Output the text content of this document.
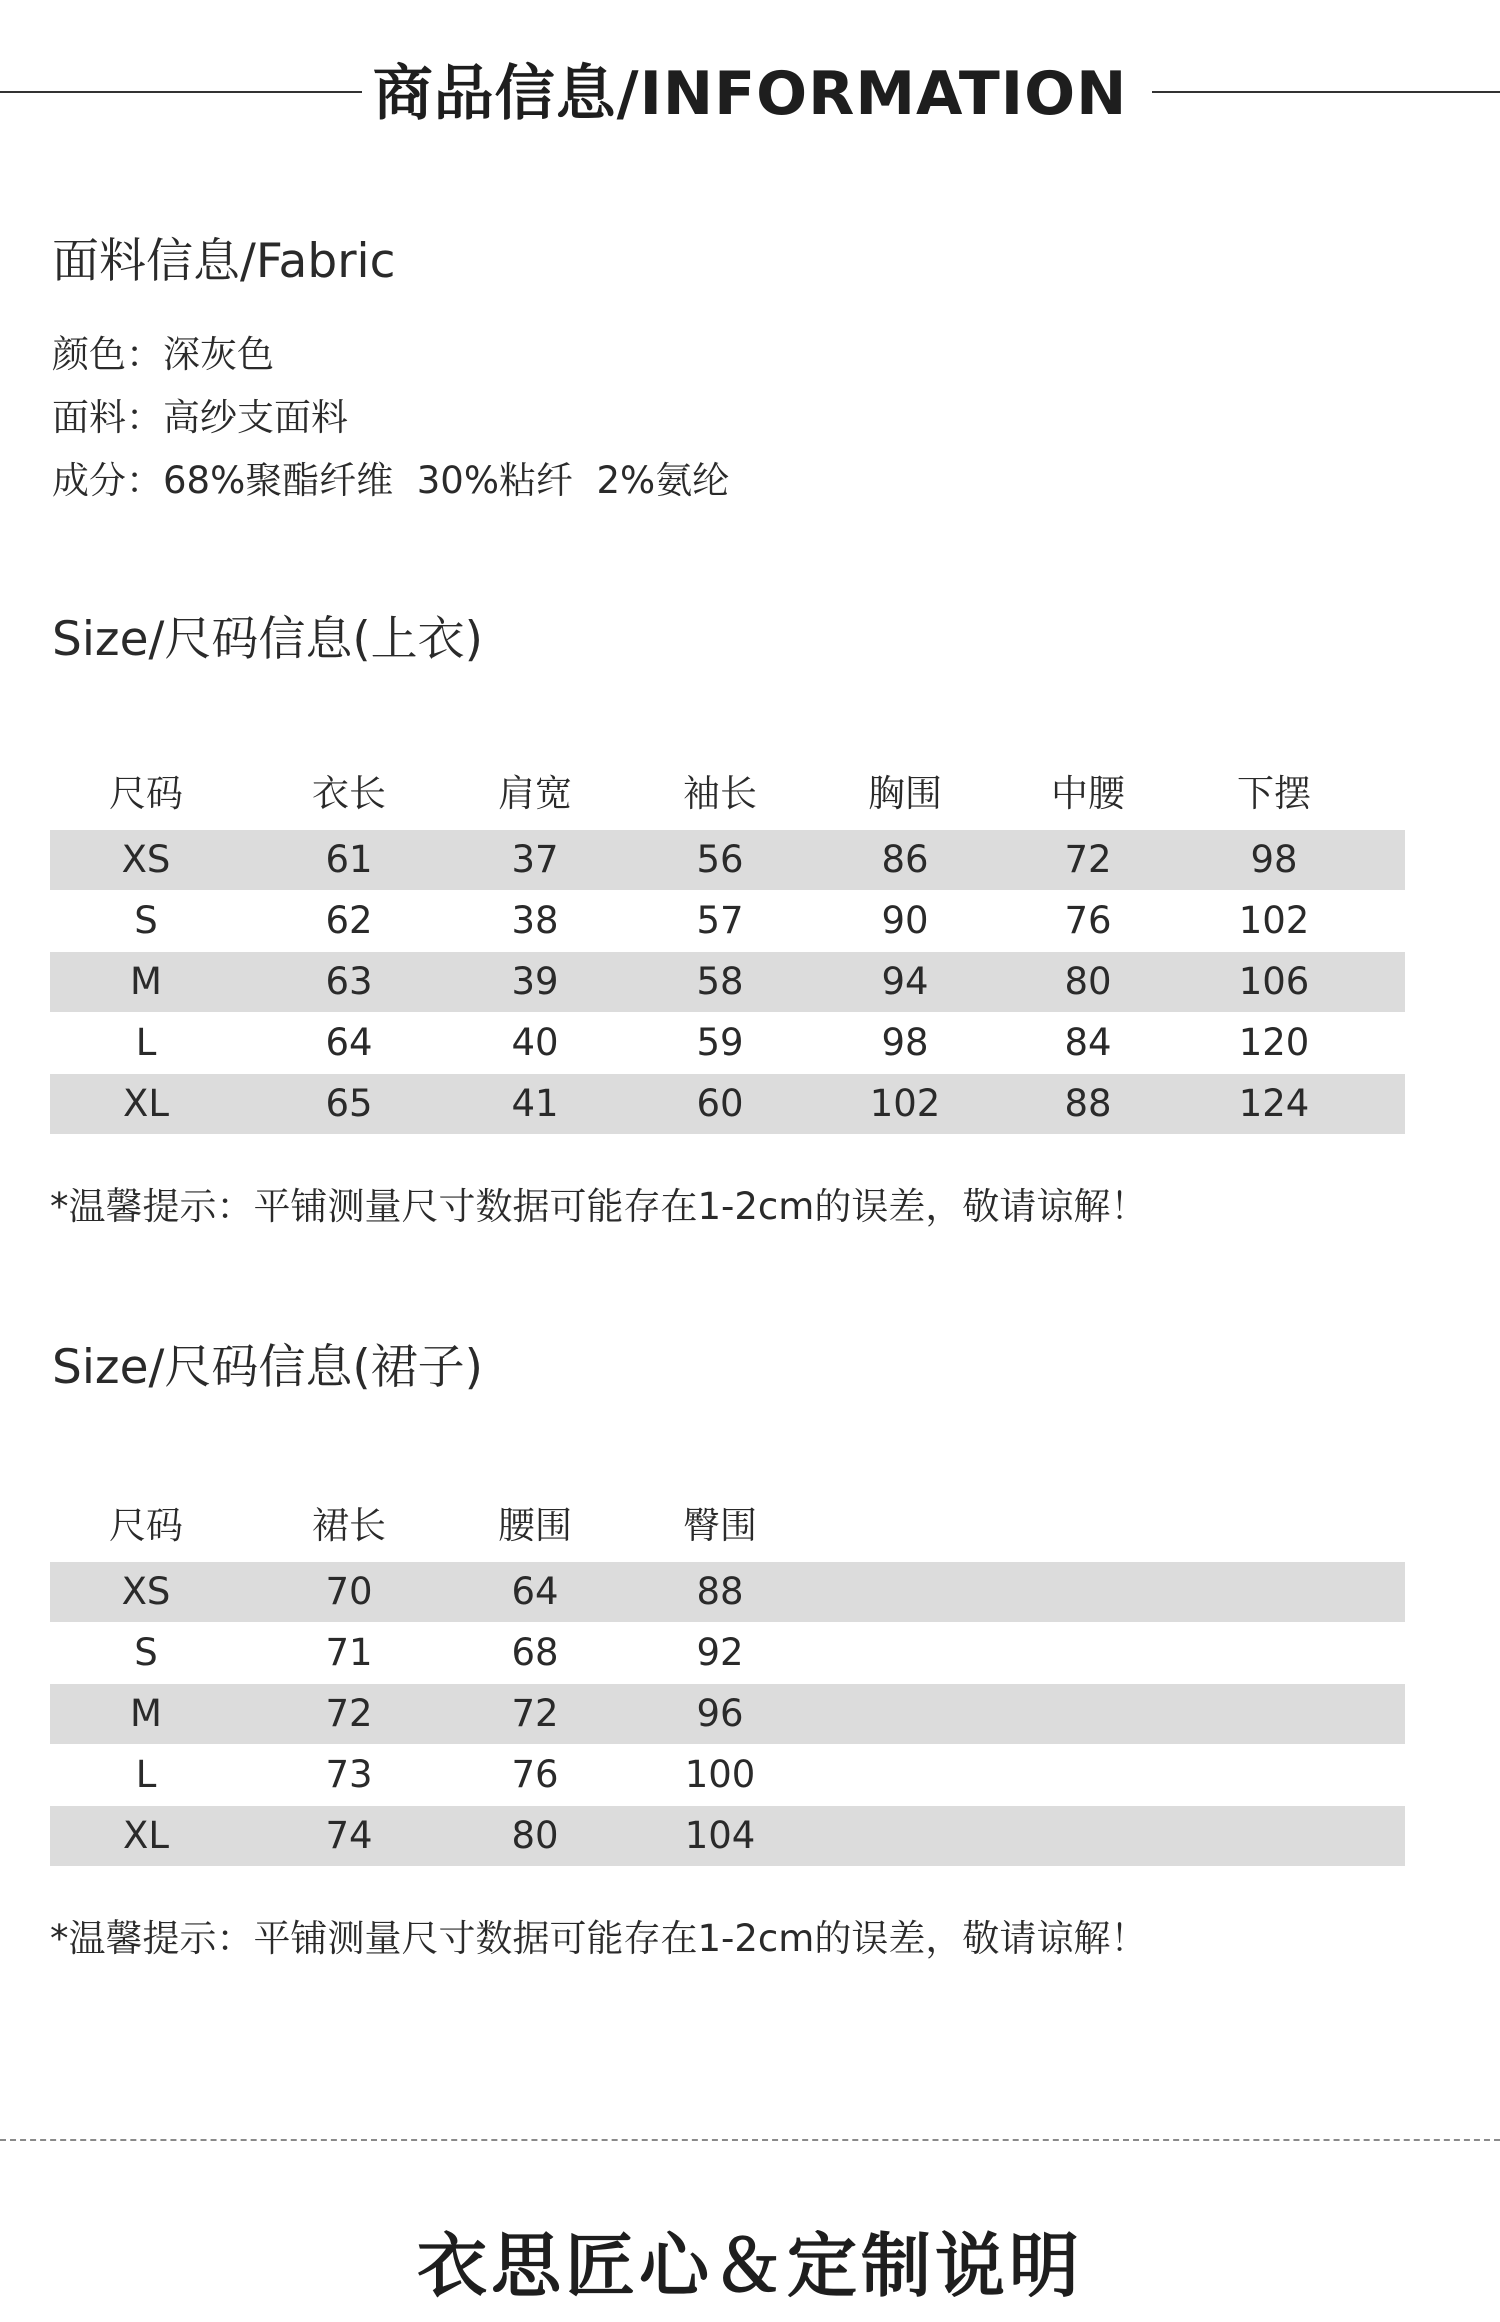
商品信息/INFORMATION
面料信息/Fabric
颜色：深灰色
面料：高纱支面料
成分：68%聚酯纤维  30%粘纤  2%氨纶
Size/尺码信息(上衣)
尺码	衣长	肩宽	袖长	胸围	中腰	下摆
XS	61	37	56	86	72	98
S	62	38	57	90	76	102
M	63	39	58	94	80	106
L	64	40	59	98	84	120
XL	65	41	60	102	88	124
*温馨提示：平铺测量尺寸数据可能存在1-2cm的误差，敬请谅解！
Size/尺码信息(裙子)
尺码	裙长	腰围	臀围
XS	70	64	88
S	71	68	92
M	72	72	96
L	73	76	100
XL	74	80	104
*温馨提示：平铺测量尺寸数据可能存在1-2cm的误差，敬请谅解！
衣思匠心＆定制说明
